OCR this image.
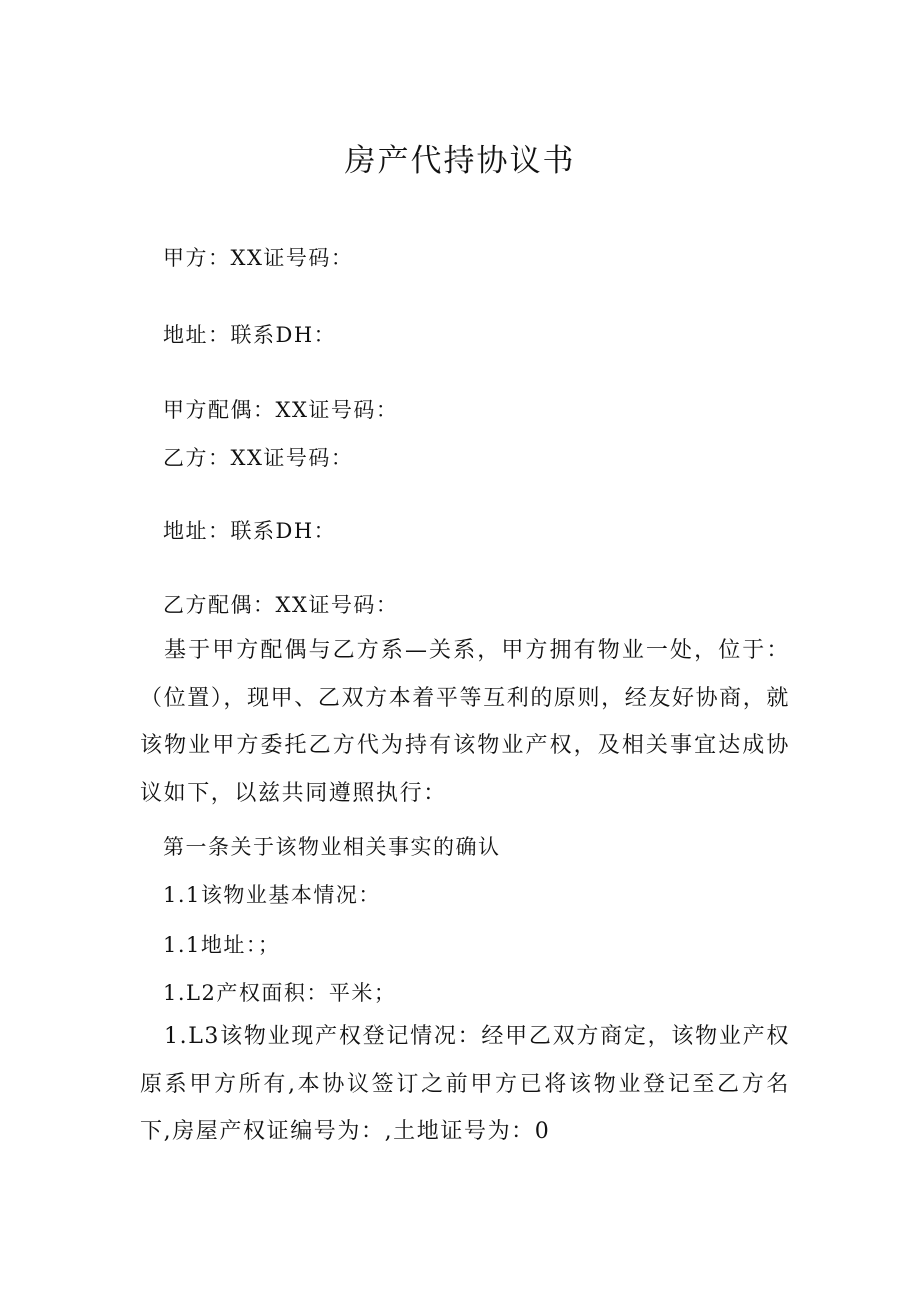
房产代持协议书
甲方：XX证号码：
地址：联系DH：
甲方配偶：XX证号码：
乙方：XX证号码：
地址：联系DH：
乙方配偶：XX证号码：
基于甲方配偶与乙方系—关系，甲方拥有物业一处，位于：（位置），现甲、乙双方本着平等互利的原则，经友好协商，就该物业甲方委托乙方代为持有该物业产权，及相关事宜达成协议如下，以兹共同遵照执行：
第一条关于该物业相关事实的确认
1.1该物业基本情况：
1.1地址：；
1.L2产权面积：平米；
1.L3该物业现产权登记情况：经甲乙双方商定，该物业产权原系甲方所有,本协议签订之前甲方已将该物业登记至乙方名下,房屋产权证编号为：,土地证号为：0
